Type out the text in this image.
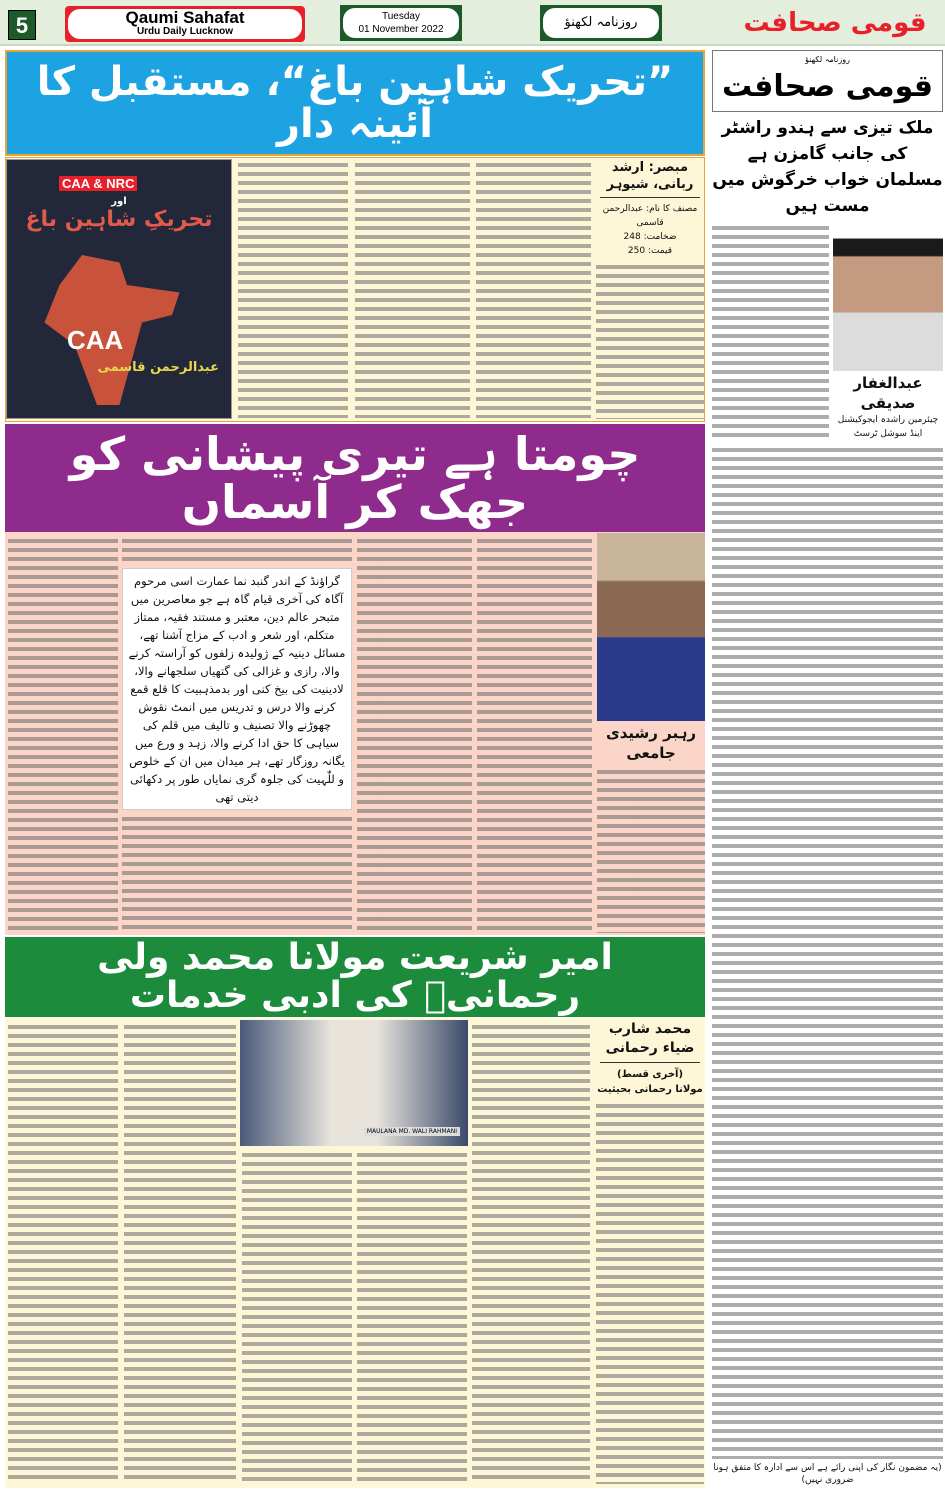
5	Qaumi Sahafat
Urdu Daily Lucknow
Tuesday
01 November 2022	روزنامہ لکھنؤ	قومی صحافت
”تحریک شاہین باغ“، مستقبل کا آئینہ دار
CAA & NRC
اور
تحریکِ شاہین باغ
CAA
عبدالرحمن قاسمی
مبصر: ارشد ربانی، شیوہر
مصنف کا نام: عبدالرحمن قاسمی
ضخامت: 248
قیمت: 250
چومتا ہے تیری پیشانی کو جھک کر آسماں
گراؤنڈ کے اندر گنبد نما عمارت اسی مرحوم آگاہ کی آخری قیام گاہ ہے جو معاصرین میں متبحر عالم دین، معتبر و مستند فقیہ، ممتاز متکلم، اور شعر و ادب کے مزاج آشنا تھے، مسائل دینیہ کے ژولیدہ زلفوں کو آراستہ کرنے والا، رازی و غزالی کی گتھیاں سلجھانے والا، لادینیت کی بیخ کنی اور بدمذہبیت کا قلع قمع کرنے والا درس و تدریس میں انمٹ نقوش چھوڑنے والا تصنیف و تالیف میں قلم کی سیاہی کا حق ادا کرنے والا، زہد و ورع میں یگانہ روزگار تھے، ہر میدان میں ان کے خلوص و للّٰہیت کی جلوہ گری نمایاں طور پر دکھائی دیتی تھی
رہبر رشیدی جامعی
امیر شریعت مولانا محمد ولی رحمانیؒ کی ادبی خدمات
MAULANA MD. WALI RAHMANI
محمد شارب ضیاء رحمانی
(آخری قسط)
مولانا رحمانی بحیثیت
روزنامہ لکھنؤ
قومی صحافت
ملک تیزی سے ہندو راشٹر کی جانب گامزن ہے مسلمان خواب خرگوش میں مست ہیں
عبدالغفار صدیقی
چیئرمین راشدہ ایجوکیشنل اینڈ سوشل ٹرسٹ
(یہ مضمون نگار کی اپنی رائے ہے اس سے ادارہ کا متفق ہونا ضروری نہیں)
